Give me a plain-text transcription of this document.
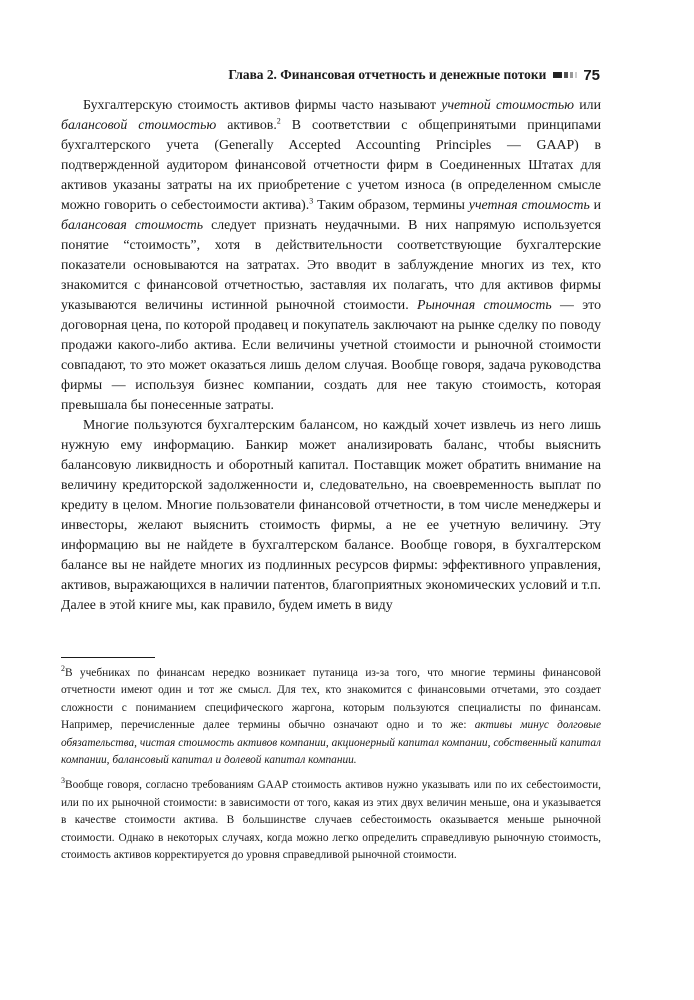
Глава 2. Финансовая отчетность и денежные потоки 75

Бухгалтерскую стоимость активов фирмы часто называют учетной стоимостью или балансовой стоимостью активов.$^2$ В соответствии с общепринятыми принципами бухгалтерского учета (Generally Accepted Accounting Principles — GAAP) в подтвержденной аудитором финансовой отчетности фирм в Соединенных Штатах для активов указаны затраты на их приобретение с учетом износа (в определенном смысле можно говорить о себестоимости актива).$^3$ Таким образом, термины учетная стоимость и балансовая стоимость следует признать неудачными. В них напрямую используется понятие “стоимость”, хотя в действительности соответствующие бухгалтерские показатели основываются на затратах. Это вводит в заблуждение многих из тех, кто знакомится с финансовой отчетностью, заставляя их полагать, что для активов фирмы указываются величины истинной рыночной стоимости. Рыночная стоимость — это договорная цена, по которой продавец и покупатель заключают на рынке сделку по поводу продажи какого-либо актива. Если величины учетной стоимости и рыночной стоимости совпадают, то это может оказаться лишь делом случая. Вообще говоря, задача руководства фирмы — используя бизнес компании, создать для нее такую стоимость, которая превышала бы понесенные затраты.

Многие пользуются бухгалтерским балансом, но каждый хочет извлечь из него лишь нужную ему информацию. Банкир может анализировать баланс, чтобы выяснить балансовую ликвидность и оборотный капитал. Поставщик может обратить внимание на величину кредиторской задолженности и, следовательно, на своевременность выплат по кредиту в целом. Многие пользователи финансовой отчетности, в том числе менеджеры и инвесторы, желают выяснить стоимость фирмы, а не ее учетную величину. Эту информацию вы не найдете в бухгалтерском балансе. Вообще говоря, в бухгалтерском балансе вы не найдете многих из подлинных ресурсов фирмы: эффективного управления, активов, выражающихся в наличии патентов, благоприятных экономических условий и т.п. Далее в этой книге мы, как правило, будем иметь в виду

$^2$В учебниках по финансам нередко возникает путаница из-за того, что многие термины финансовой отчетности имеют один и тот же смысл. Для тех, кто знакомится с финансовыми отчетами, это создает сложности с пониманием специфического жаргона, которым пользуются специалисты по финансам. Например, перечисленные далее термины обычно означают одно и то же: активы минус долговые обязательства, чистая стоимость активов компании, акционерный капитал компании, собственный капитал компании, балансовый капитал и долевой капитал компании.

$^3$Вообще говоря, согласно требованиям GAAP стоимость активов нужно указывать или по их себестоимости, или по их рыночной стоимости: в зависимости от того, какая из этих двух величин меньше, она и указывается в качестве стоимости актива. В большинстве случаев себестоимость оказывается меньше рыночной стоимости. Однако в некоторых случаях, когда можно легко определить справедливую рыночную стоимость, стоимость активов корректируется до уровня справедливой рыночной стоимости.
